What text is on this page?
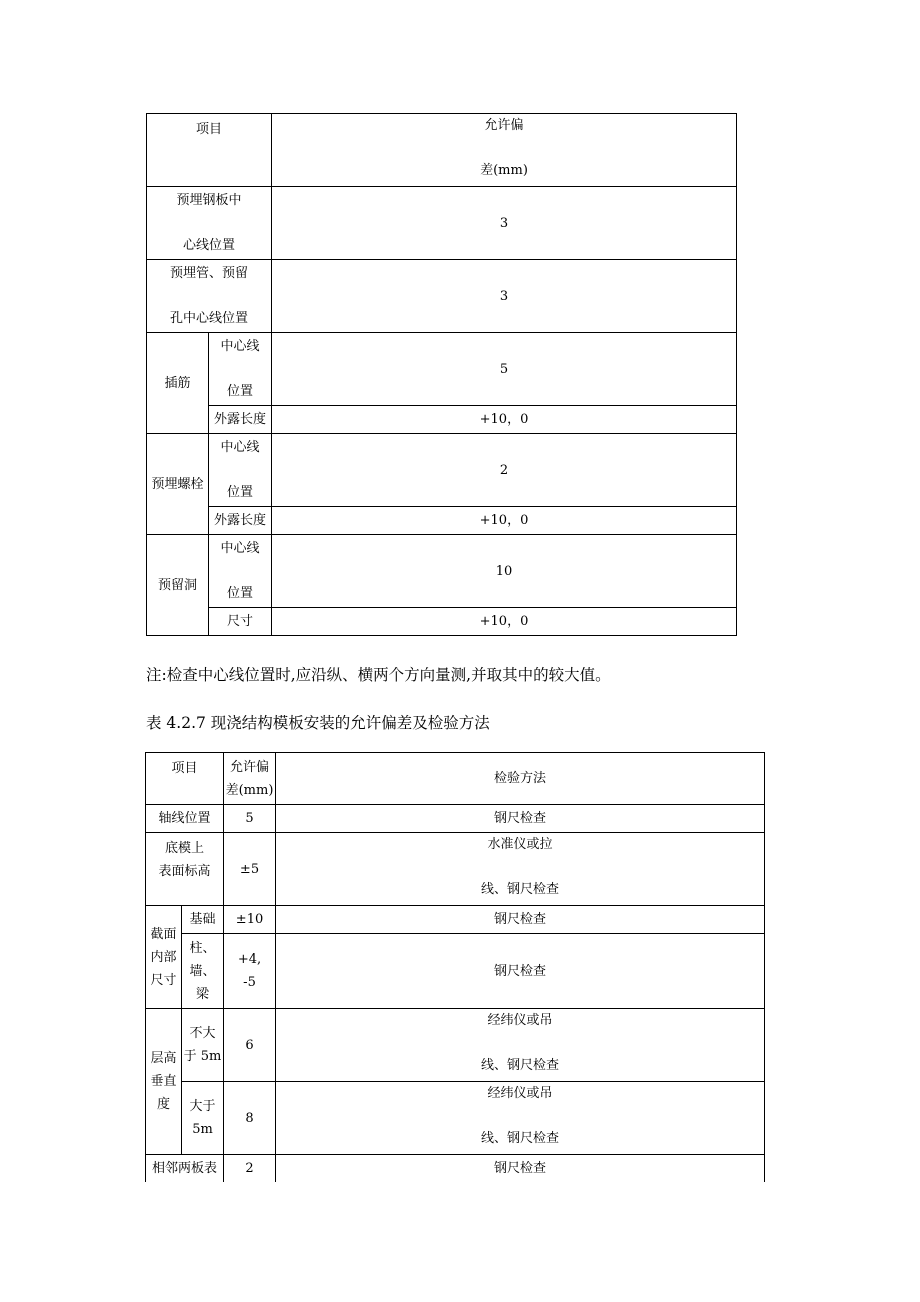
项目		允许偏
差(mm)

预埋钢板中
心线位置		3

预埋管、预留
孔中心线位置		3
插筋	中心线
位置	5
	外露长度	+10，0
预埋螺栓	中心线
位置	2
	外露长度	+10，0
预留洞	中心线
位置	10
	尺寸	+10，0
注:检查中心线位置时,应沿纵、横两个方向量测,并取其中的较大值。
表 4.2.7 现浇结构模板安装的允许偏差及检验方法
项目		允许偏
差(mm)	检验方法
轴线位置		5	钢尺检查

底模上
表面标高		±5	水准仪或拉
线、钢尺检查

截面
内部
尺寸	基础	±10	钢尺检查

	柱、
墙、
梁	+4,
-5	钢尺检查

层高
垂直
度	不大
于 5m	6	经纬仪或吊
线、钢尺检查

	大于
5m	8	经纬仪或吊
线、钢尺检查

相邻两板表		2	钢尺检查
